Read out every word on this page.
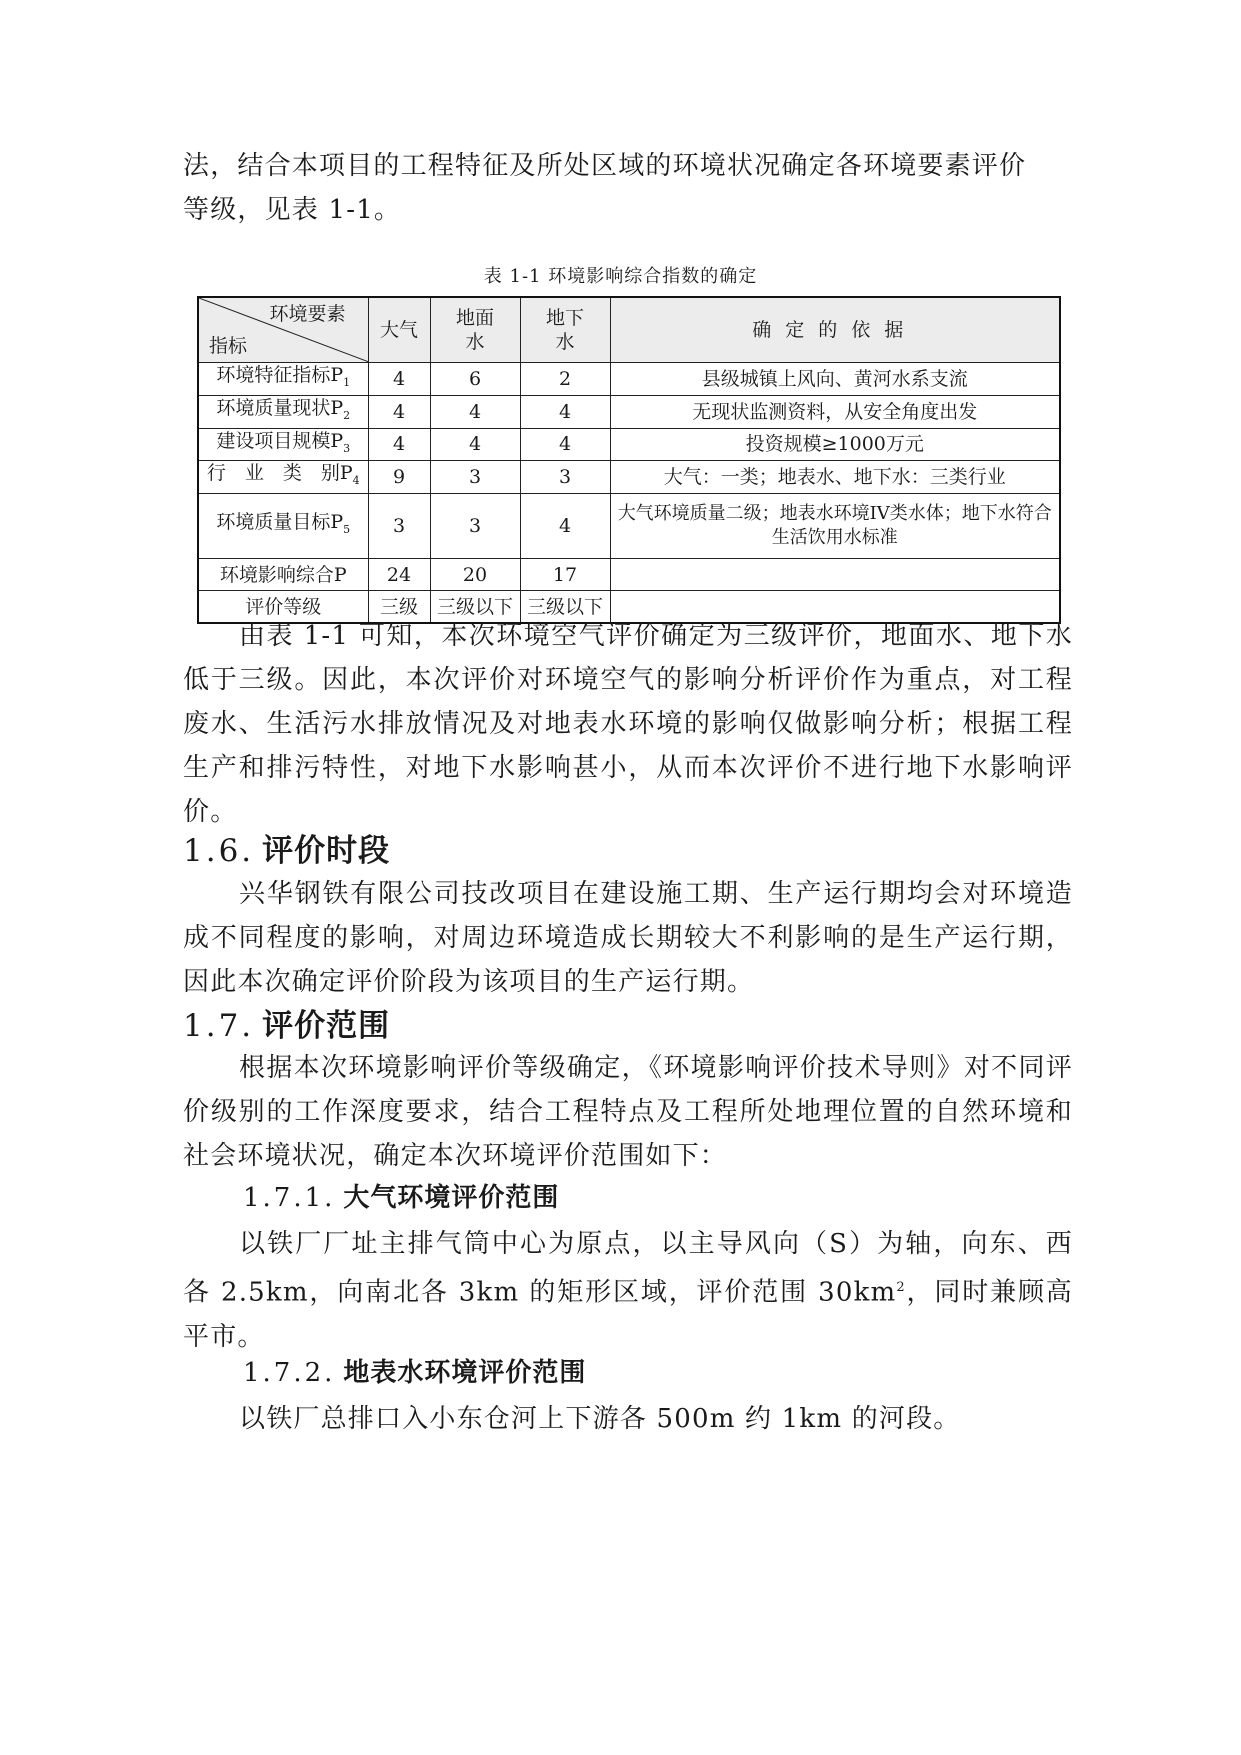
法，结合本项目的工程特征及所处区域的环境状况确定各环境要素评价

等级，见表 1-1。

表 1-1 环境影响综合指数的确定
环境要素
指标	大气	地面水	地下水	确定的依据
环境特征指标$P_1$	4	6	2	县级城镇上风向、黄河水系支流
环境质量现状$P_2$	4	4	4	无现状监测资料，从安全角度出发
建设项目规模$P_3$	4	4	4	投资规模≥1000万元
行　业　类　别$P_4$	9	3	3	大气：一类；地表水、地下水：三类行业
环境质量目标$P_5$	3	3	4	大气环境质量二级；地表水环境IV类水体；地下水符合生活饮用水标准
环境影响综合P	24	20	17	
评价等级	三级	三级以下	三级以下	

由表 1-1 可知，本次环境空气评价确定为三级评价，地面水、地下水低于三级。因此，本次评价对环境空气的影响分析评价作为重点，对工程废水、生活污水排放情况及对地表水环境的影响仅做影响分析；根据工程生产和排污特性，对地下水影响甚小，从而本次评价不进行地下水影响评价。

1.6. 评价时段

兴华钢铁有限公司技改项目在建设施工期、生产运行期均会对环境造成不同程度的影响，对周边环境造成长期较大不利影响的是生产运行期，因此本次确定评价阶段为该项目的生产运行期。

1.7. 评价范围

根据本次环境影响评价等级确定，《环境影响评价技术导则》对不同评价级别的工作深度要求，结合工程特点及工程所处地理位置的自然环境和社会环境状况，确定本次环境评价范围如下：

1.7.1. 大气环境评价范围

以铁厂厂址主排气筒中心为原点，以主导风向（S）为轴，向东、西各 2.5km，向南北各 3km 的矩形区域，评价范围 $30km^2$，同时兼顾高平市。

1.7.2. 地表水环境评价范围

以铁厂总排口入小东仓河上下游各 500m 约 1km 的河段。
